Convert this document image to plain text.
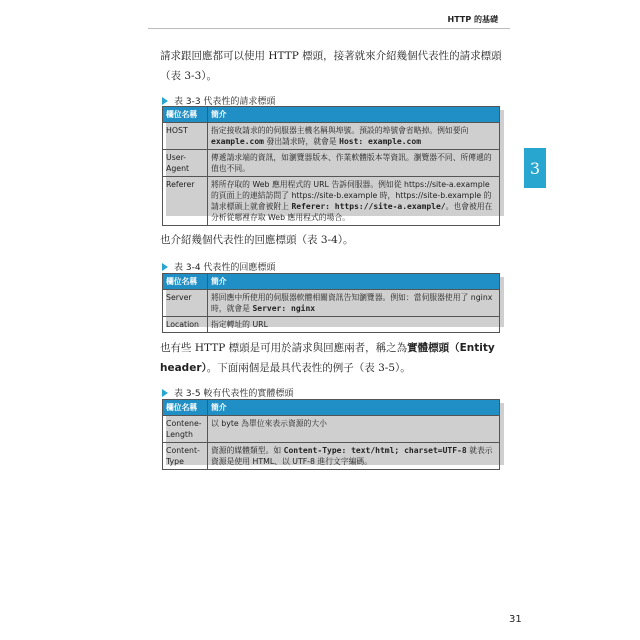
HTTP 的基礎
3
請求跟回應都可以使用 HTTP 標頭，接著就來介紹幾個代表性的請求標頭（表 3-3）。
表 3-3 代表性的請求標頭
欄位名稱	簡介
HOST	指定接收請求的的伺服器主機名稱與埠號。預設的埠號會省略掉。例如要向example.com 發出請求時，就會是 Host: example.com
User-Agent	傳遞請求端的資訊，如瀏覽器版本、作業軟體版本等資訊。瀏覽器不同、所傳遞的值也不同。
Referer	將所存取的 Web 應用程式的 URL 告訴伺服器。例如從 https://site-a.example 的頁面上的連結訪問了 https://site-b.example 時，https://site-b.example 的請求標頭上就會被附上 Referer: https://site-a.example/。也會被用在分析從哪裡存取 Web 應用程式的場合。
也介紹幾個代表性的回應標頭（表 3-4）。
表 3-4 代表性的回應標頭
欄位名稱	簡介
Server	將回應中所使用的伺服器軟體相關資訊告知瀏覽器。例如：當伺服器使用了 nginx 時，就會是 Server: nginx
Location	指定轉址的 URL
也有些 HTTP 標頭是可用於請求與回應兩者，稱之為實體標頭（Entity header）。下面兩個是最具代表性的例子（表 3-5）。
表 3-5 較有代表性的實體標頭
欄位名稱	簡介
Contene-Length	以 byte 為單位來表示資源的大小
Content-Type	資源的媒體類型。如 Content-Type: text/html; charset=UTF-8 就表示資源是使用 HTML、以 UTF-8 進行文字編碼。
31
